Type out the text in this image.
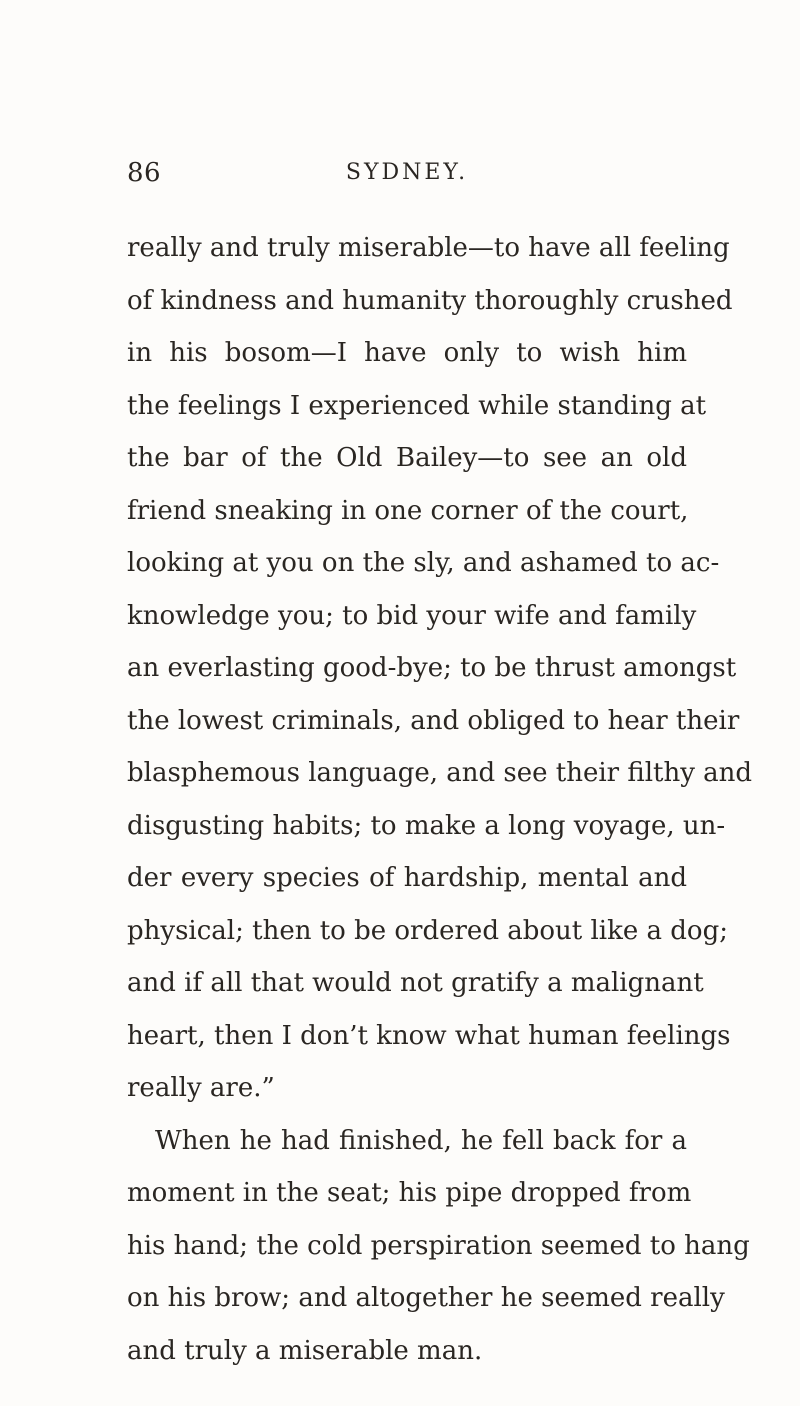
86	SYDNEY.
really and truly miserable—to have all feeling
of kindness and humanity thoroughly crushed
in his bosom—I have only to wish him
the feelings I experienced while standing at
the bar of the Old Bailey—to see an old
friend sneaking in one corner of the court,
looking at you on the sly, and ashamed to ac-
knowledge you; to bid your wife and family
an everlasting good-bye; to be thrust amongst
the lowest criminals, and obliged to hear their
blasphemous language, and see their filthy and
disgusting habits; to make a long voyage, un-
der every species of hardship, mental and
physical; then to be ordered about like a dog;
and if all that would not gratify a malignant
heart, then I don’t know what human feelings
really are.”
When he had finished, he fell back for a
moment in the seat; his pipe dropped from
his hand; the cold perspiration seemed to hang
on his brow; and altogether he seemed really
and truly a miserable man.
